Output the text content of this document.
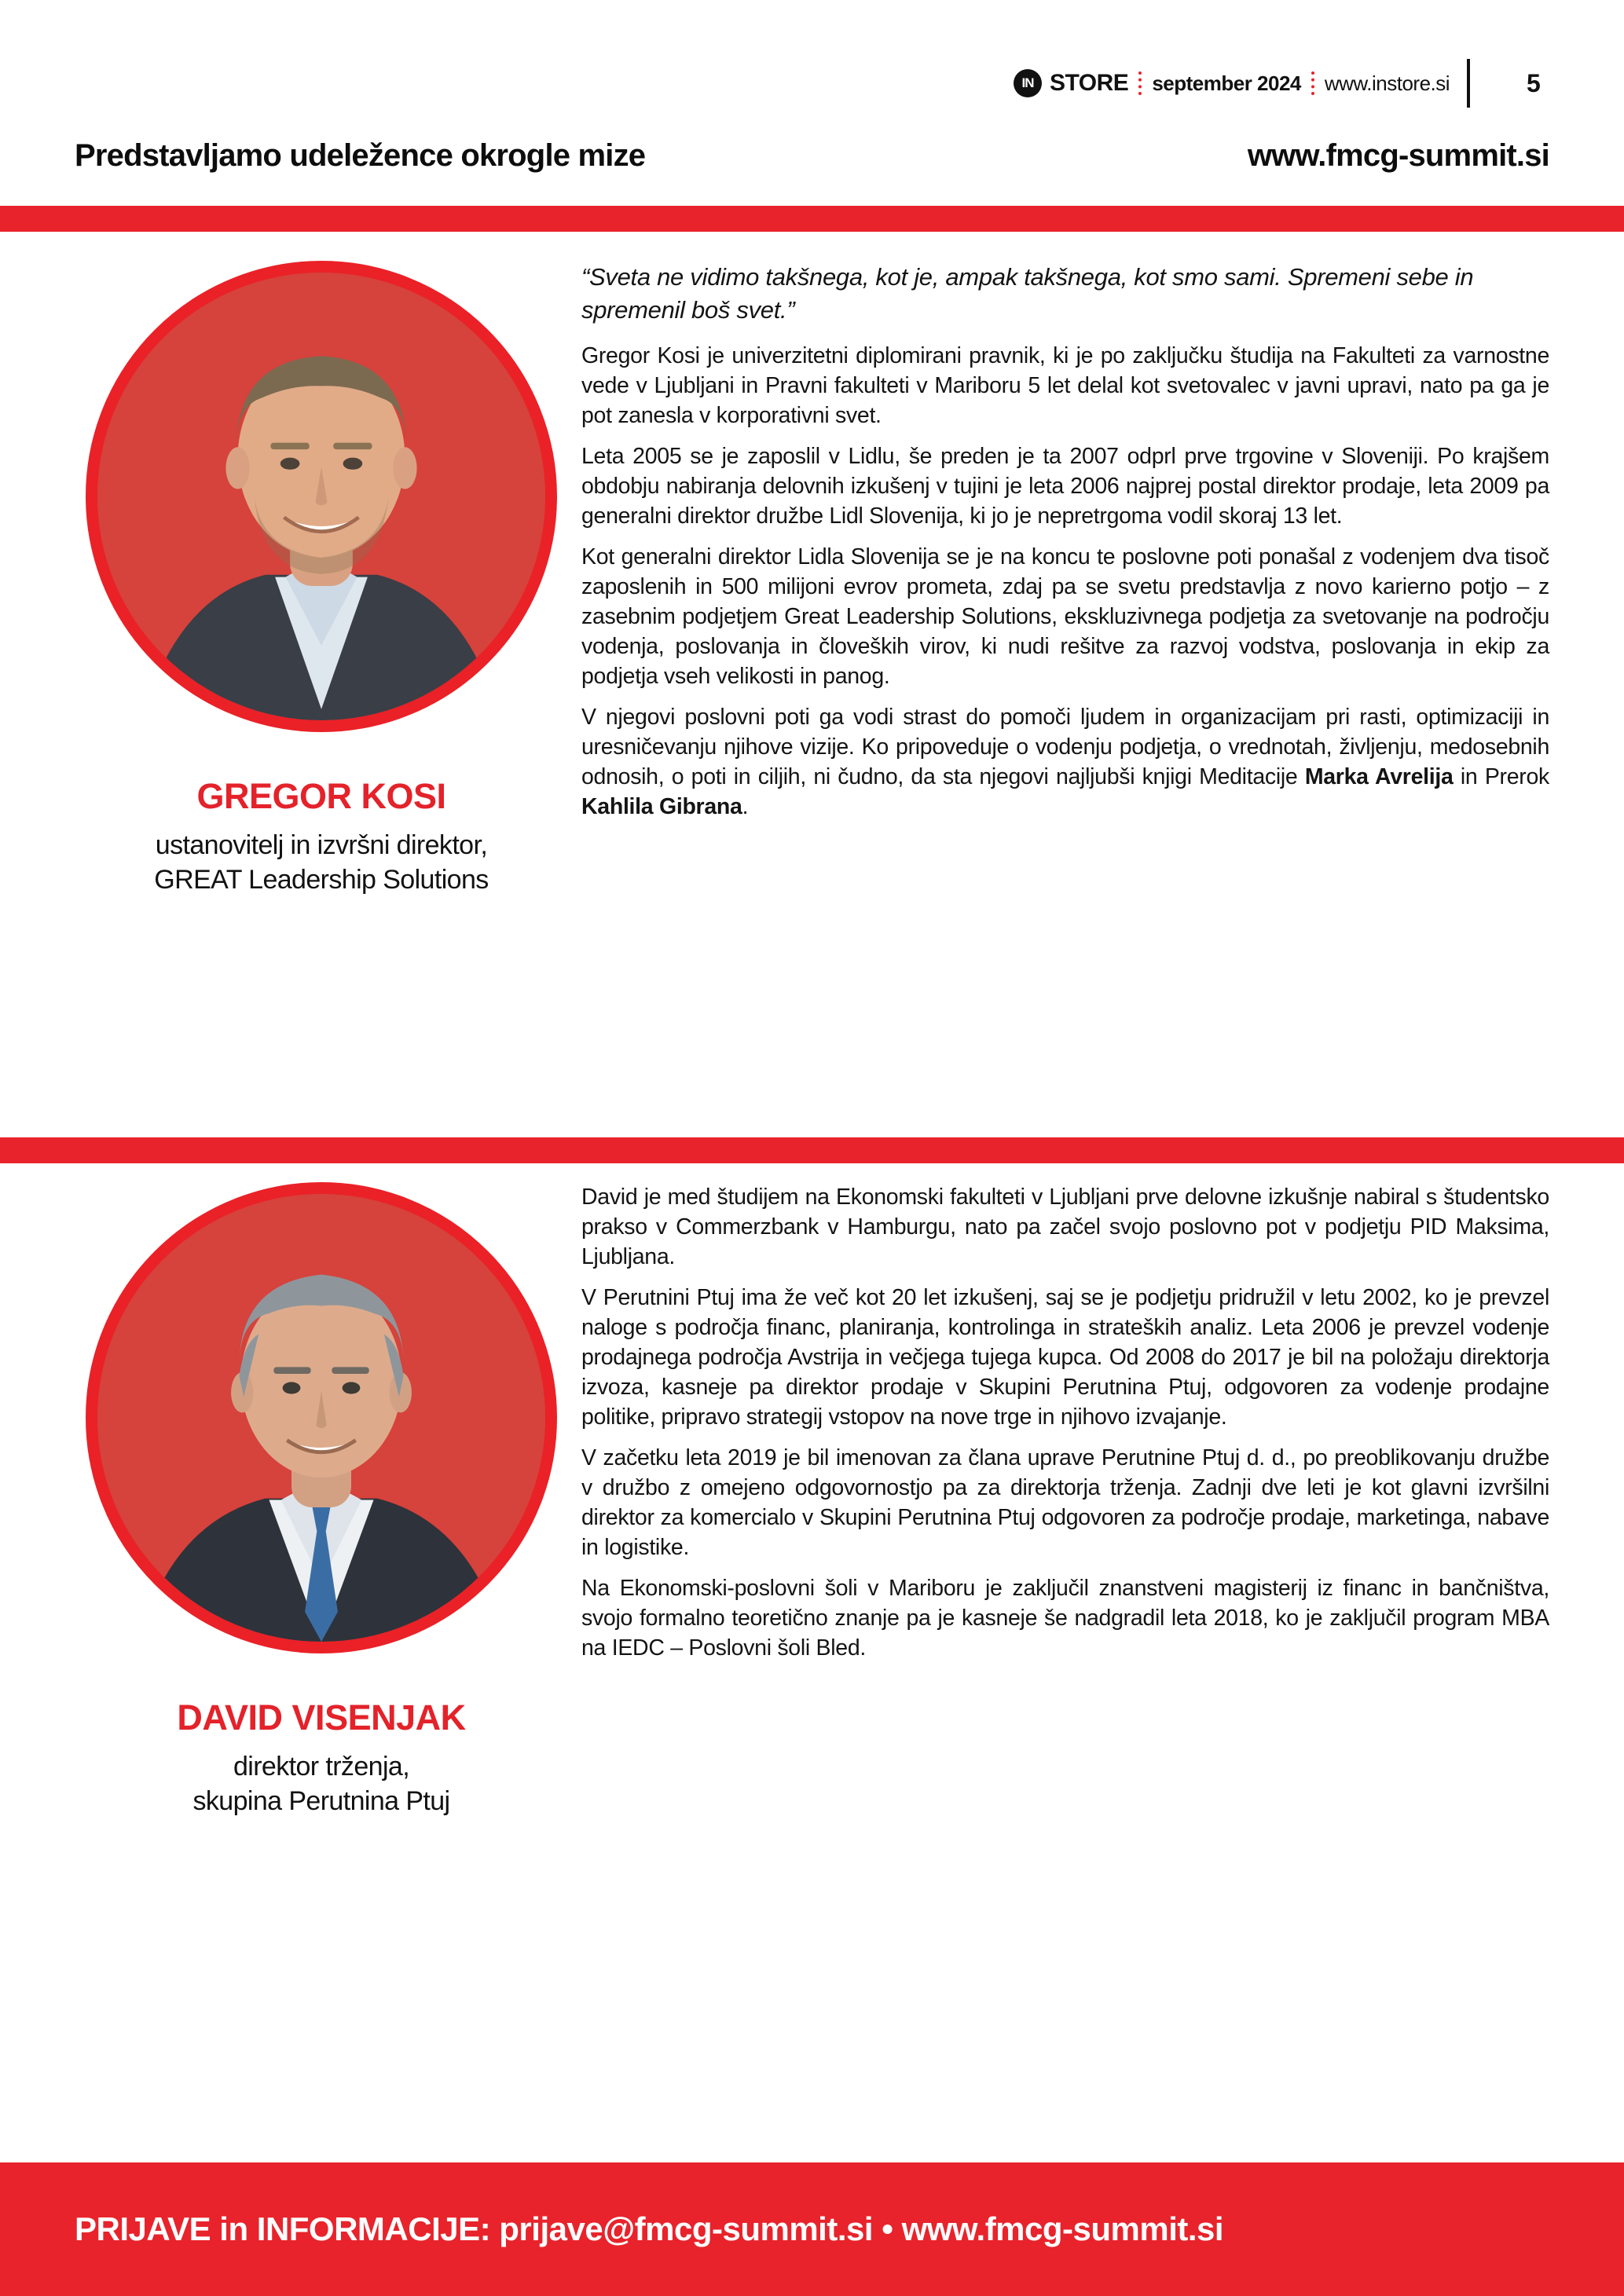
IN STORE september 2024 www.instore.si	5
Predstavljamo udeležence okrogle mize	www.fmcg-summit.si
GREGOR KOSI
ustanovitelj in izvršni direktor,
GREAT Leadership Solutions
“Sveta ne vidimo takšnega, kot je, ampak takšnega, kot smo sami. Spremeni sebe in spremenil boš svet.”

Gregor Kosi je univerzitetni diplomirani pravnik, ki je po zaključku študija na Fakulteti za varnostne vede v Ljubljani in Pravni fakulteti v Mariboru 5 let delal kot svetovalec v javni upravi, nato pa ga je pot zanesla v korporativni svet.

Leta 2005 se je zaposlil v Lidlu, še preden je ta 2007 odprl prve trgovine v Sloveniji. Po krajšem obdobju nabiranja delovnih izkušenj v tujini je leta 2006 najprej postal direktor prodaje, leta 2009 pa generalni direktor družbe Lidl Slovenija, ki jo je nepretrgoma vodil skoraj 13 let.

Kot generalni direktor Lidla Slovenija se je na koncu te poslovne poti ponašal z vodenjem dva tisoč zaposlenih in 500 milijoni evrov prometa, zdaj pa se svetu predstavlja z novo karierno potjo – z zasebnim podjetjem Great Leadership Solutions, ekskluzivnega podjetja za svetovanje na področju vodenja, poslovanja in človeških virov, ki nudi rešitve za razvoj vodstva, poslovanja in ekip za podjetja vseh velikosti in panog.

V njegovi poslovni poti ga vodi strast do pomoči ljudem in organizacijam pri rasti, optimizaciji in uresničevanju njihove vizije. Ko pripoveduje o vodenju podjetja, o vrednotah, življenju, medosebnih odnosih, o poti in ciljih, ni čudno, da sta njegovi najljubši knjigi Meditacije Marka Avrelija in Prerok Kahlila Gibrana.

DAVID VISENJAK
direktor trženja,
skupina Perutnina Ptuj

David je med študijem na Ekonomski fakulteti v Ljubljani prve delovne izkušnje nabiral s študentsko prakso v Commerzbank v Hamburgu, nato pa začel svojo poslovno pot v podjetju PID Maksima, Ljubljana.

V Perutnini Ptuj ima že več kot 20 let izkušenj, saj se je podjetju pridružil v letu 2002, ko je prevzel naloge s področja financ, planiranja, kontrolinga in strateških analiz. Leta 2006 je prevzel vodenje prodajnega področja Avstrija in večjega tujega kupca. Od 2008 do 2017 je bil na položaju direktorja izvoza, kasneje pa direktor prodaje v Skupini Perutnina Ptuj, odgovoren za vodenje prodajne politike, pripravo strategij vstopov na nove trge in njihovo izvajanje.

V začetku leta 2019 je bil imenovan za člana uprave Perutnine Ptuj d. d., po preoblikovanju družbe v družbo z omejeno odgovornostjo pa za direktorja trženja. Zadnji dve leti je kot glavni izvršilni direktor za komercialo v Skupini Perutnina Ptuj odgovoren za področje prodaje, marketinga, nabave in logistike.

Na Ekonomski-poslovni šoli v Mariboru je zaključil znanstveni magisterij iz financ in bančništva, svojo formalno teoretično znanje pa je kasneje še nadgradil leta 2018, ko je zaključil program MBA na IEDC – Poslovni šoli Bled.

PRIJAVE in INFORMACIJE: prijave@fmcg-summit.si • www.fmcg-summit.si
